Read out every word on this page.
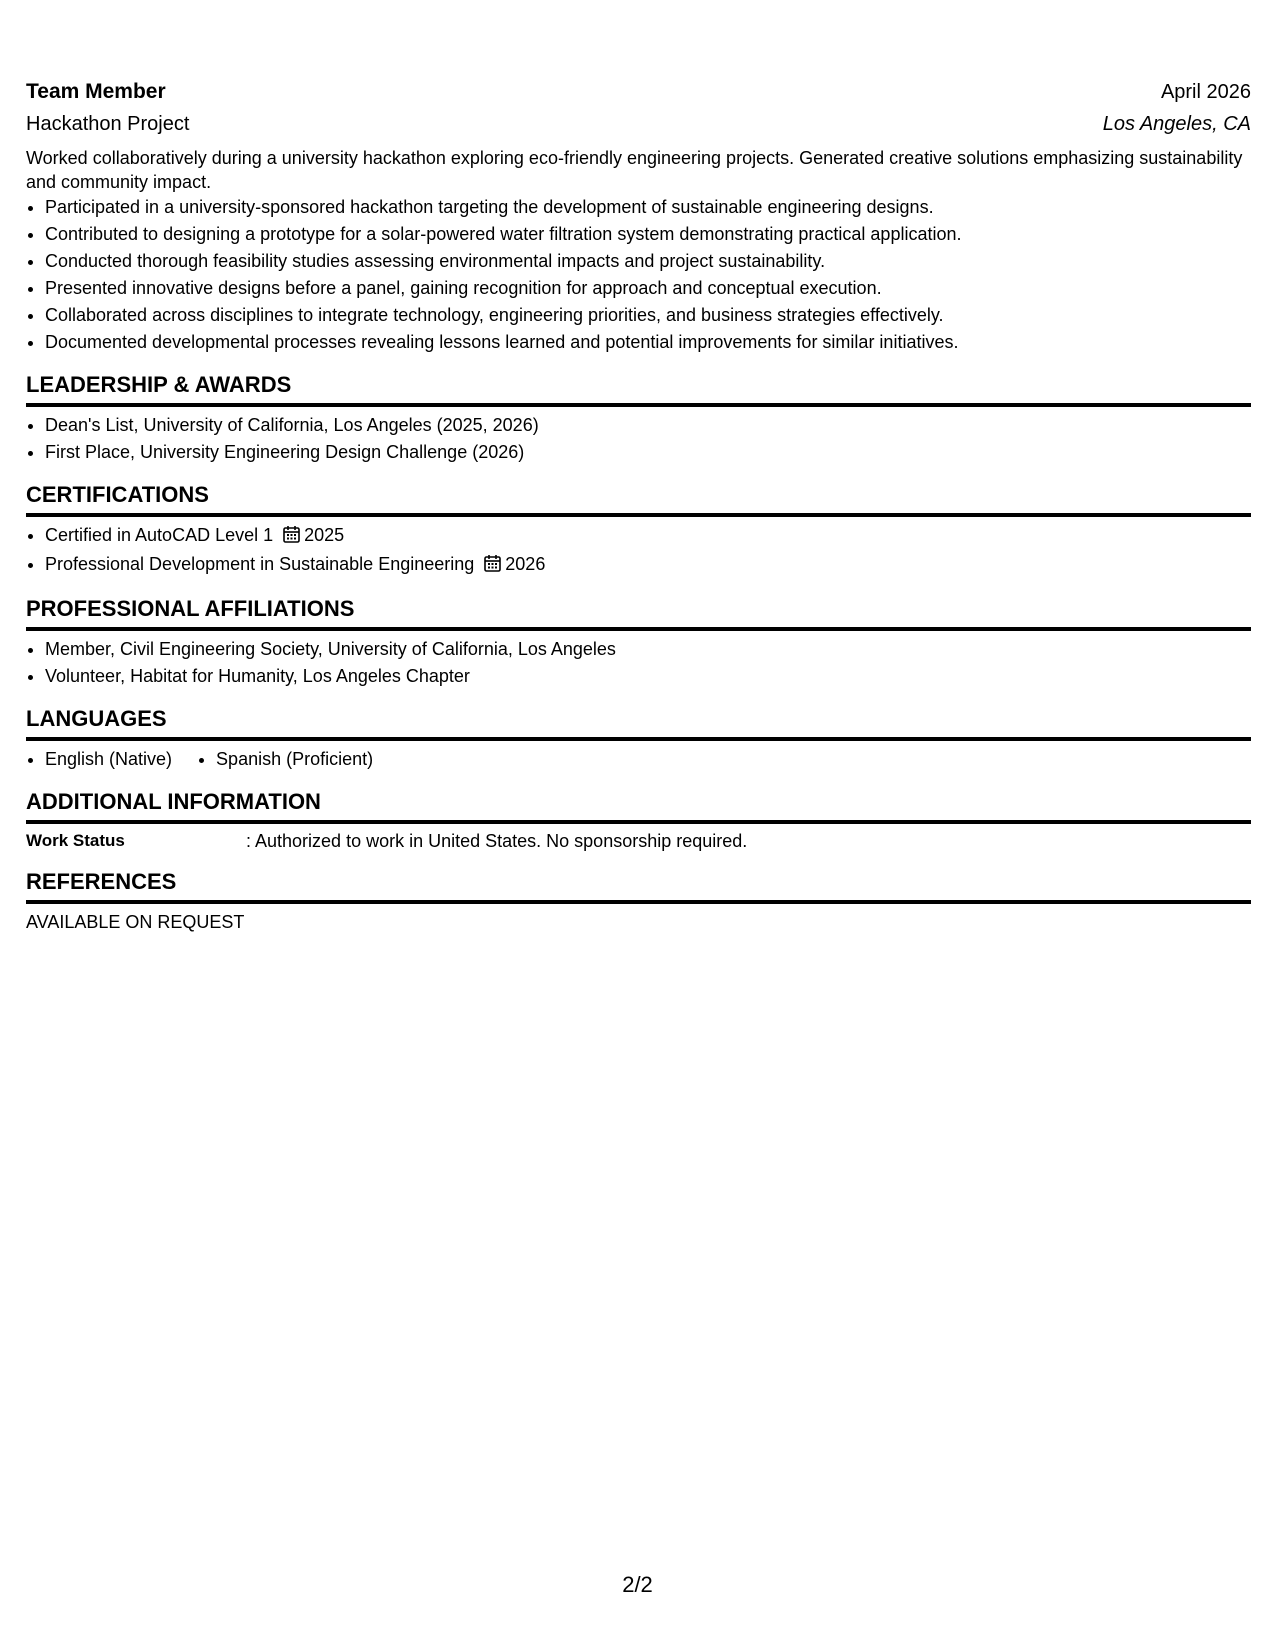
Team Member	April 2026
Hackathon Project	Los Angeles, CA
Worked collaboratively during a university hackathon exploring eco-friendly engineering projects. Generated creative solutions emphasizing sustainability and community impact.
• Participated in a university-sponsored hackathon targeting the development of sustainable engineering designs.
• Contributed to designing a prototype for a solar-powered water filtration system demonstrating practical application.
• Conducted thorough feasibility studies assessing environmental impacts and project sustainability.
• Presented innovative designs before a panel, gaining recognition for approach and conceptual execution.
• Collaborated across disciplines to integrate technology, engineering priorities, and business strategies effectively.
• Documented developmental processes revealing lessons learned and potential improvements for similar initiatives.
LEADERSHIP & AWARDS
• Dean's List, University of California, Los Angeles (2025, 2026)
• First Place, University Engineering Design Challenge (2026)
CERTIFICATIONS
• Certified in AutoCAD Level 1 2025
• Professional Development in Sustainable Engineering 2026
PROFESSIONAL AFFILIATIONS
• Member, Civil Engineering Society, University of California, Los Angeles
• Volunteer, Habitat for Humanity, Los Angeles Chapter
LANGUAGES
• English (Native)
• Spanish (Proficient)
ADDITIONAL INFORMATION
Work Status	: Authorized to work in United States. No sponsorship required.
REFERENCES
AVAILABLE ON REQUEST
2/2
